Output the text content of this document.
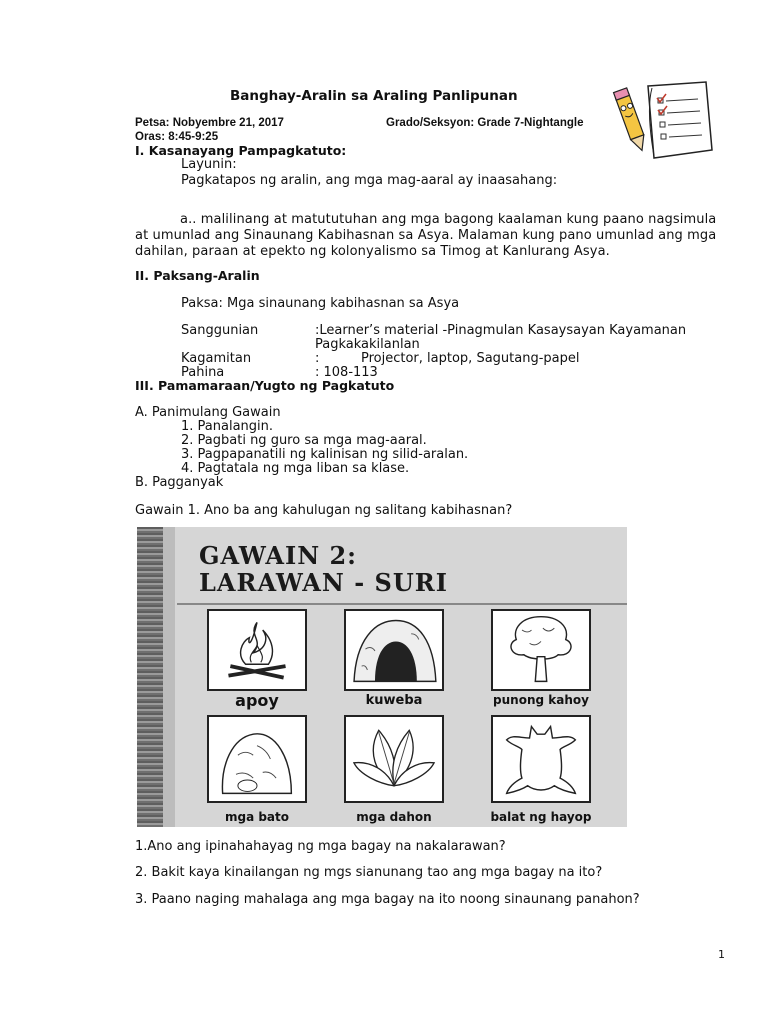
Banghay-Aralin sa Araling Panlipunan
Petsa: Nobyembre 21, 2017	Grado/Seksyon: Grade 7-Nightangle
Oras: 8:45-9:25
I. Kasanayang Pampagkatuto:
Layunin:
Pagkatapos ng aralin, ang mga mag-aaral ay inaasahang:
a.. malilinang at matututuhan ang mga bagong kaalaman kung paano nagsimula at umunlad ang Sinaunang Kabihasnan sa Asya. Malaman kung pano umunlad ang mga dahilan, paraan at epekto ng kolonyalismo sa Timog at Kanlurang Asya.
II. Paksang-Aralin
Paksa: Mga sinaunang kabihasnan sa Asya
Sanggunian	:Learner’s material -Pinagmulan Kasaysayan Kayamanan
Pagkakakilanlan
Kagamitan	:	Projector, laptop, Sagutang-papel
Pahina	: 108-113
III. Pamamaraan/Yugto ng Pagkatuto
A. Panimulang Gawain
1. Panalangin.
2. Pagbati ng guro sa mga mag-aaral.
3. Pagpapanatili ng kalinisan ng silid-aralan.
4. Pagtatala ng mga liban sa klase.
B. Pagganyak
Gawain 1. Ano ba ang kahulugan ng salitang kabihasnan?
GAWAIN 2:
LARAWAN - SURI
apoy	kuweba	punong kahoy
mga bato	mga dahon	balat ng hayop
1.Ano ang ipinahahayag ng mga bagay na nakalarawan?
2. Bakit kaya kinailangan ng mgs sianunang tao ang mga bagay na ito?
3. Paano naging mahalaga ang mga bagay na ito noong sinaunang panahon?
1
